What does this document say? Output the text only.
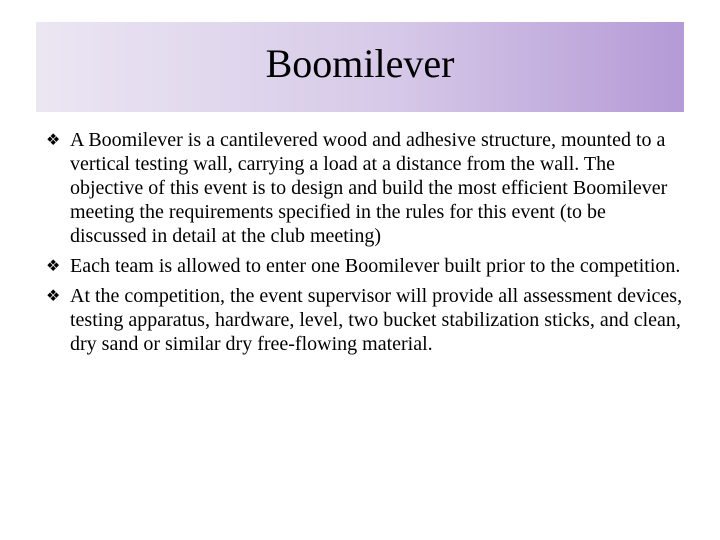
Boomilever
❖ A Boomilever is a cantilevered wood and adhesive structure, mounted to a vertical testing wall, carrying a load at a distance from the wall. The objective of this event is to design and build the most efficient Boomilever meeting the requirements specified in the rules for this event (to be discussed in detail at the club meeting)
❖ Each team is allowed to enter one Boomilever built prior to the competition.
❖ At the competition, the event supervisor will provide all assessment devices, testing apparatus, hardware, level, two bucket stabilization sticks, and clean, dry sand or similar dry free-flowing material.
